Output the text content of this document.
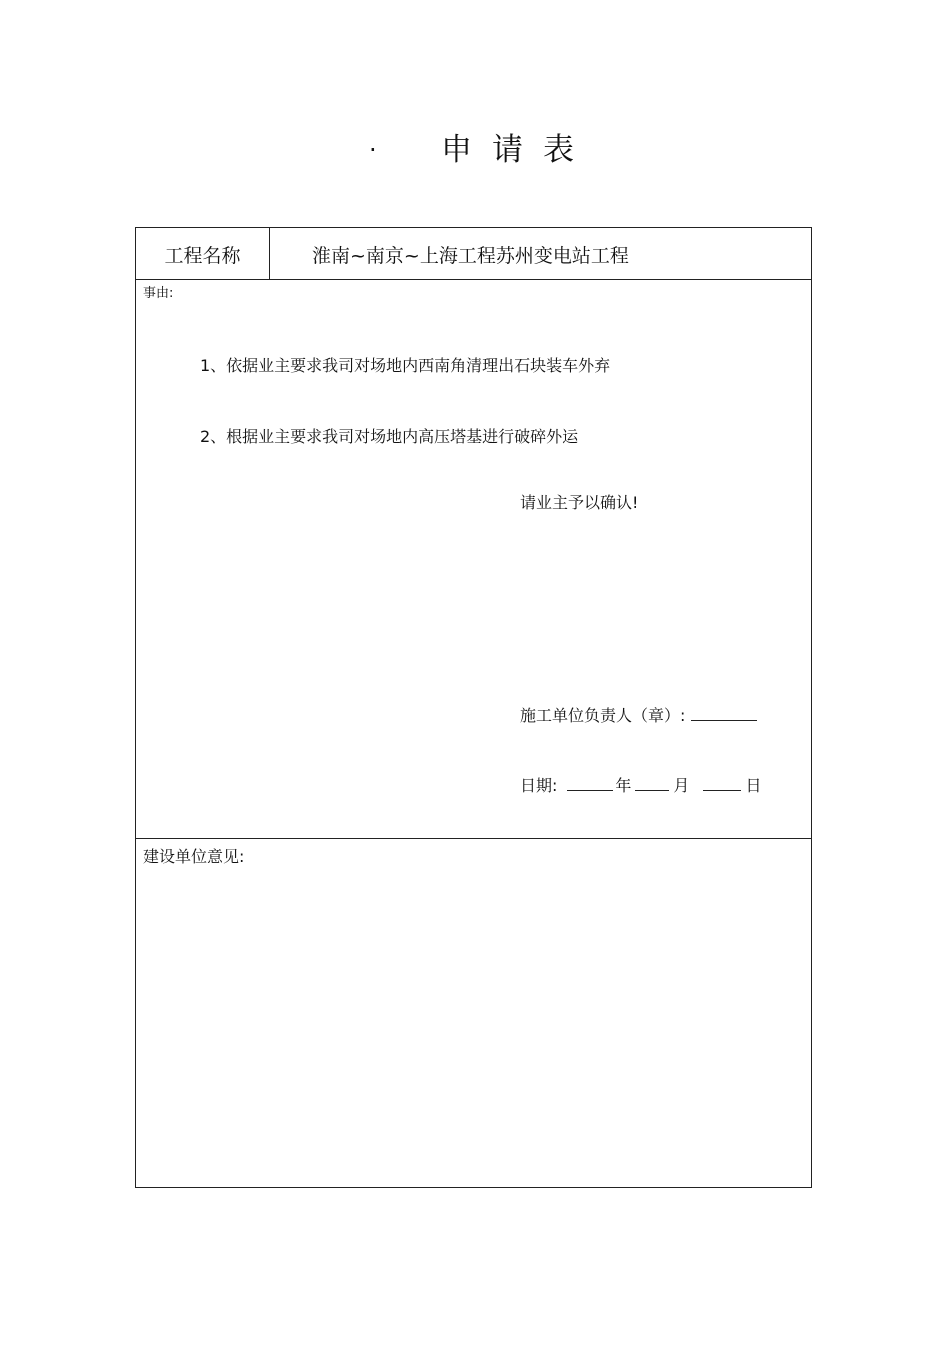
· 申请表
工程名称	淮南~南京~上海工程苏州变电站工程
事由:
1、依据业主要求我司对场地内西南角清理出石块装车外弃
2、根据业主要求我司对场地内高压塔基进行破碎外运
请业主予以确认!
施工单位负责人（章）:
日期:	年	月	日
建设单位意见:
